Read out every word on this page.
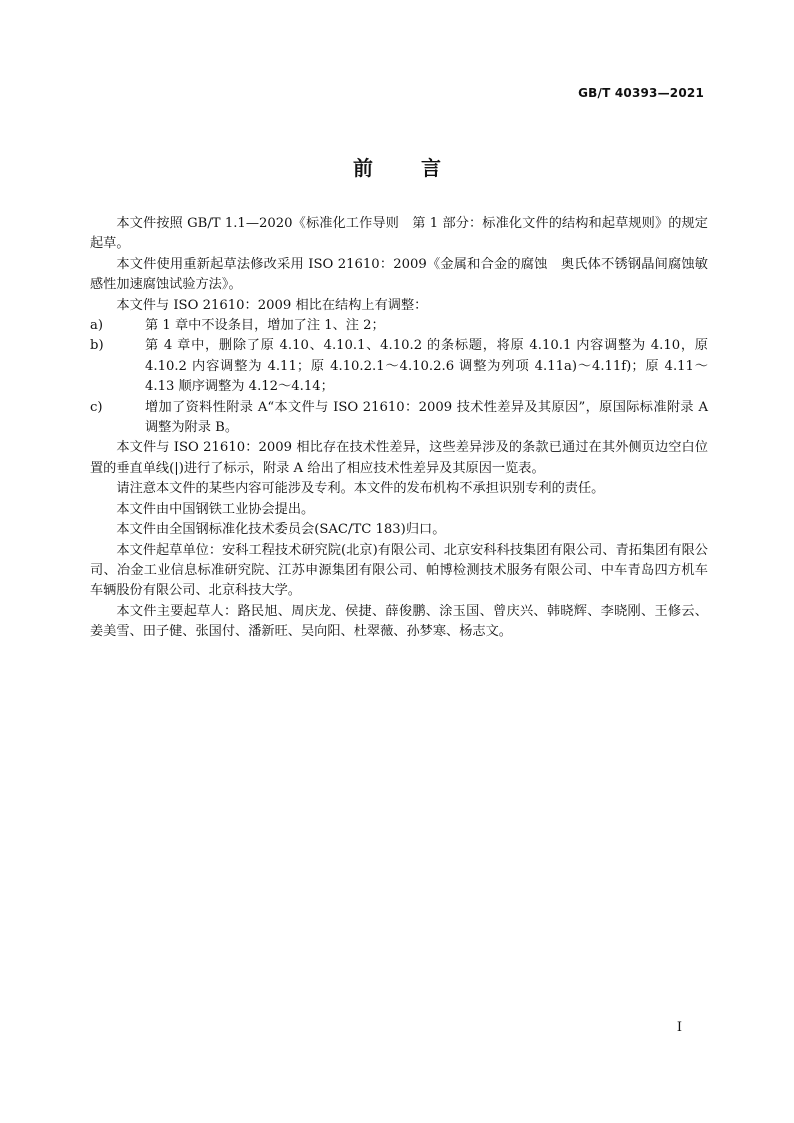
GB/T 40393—2021
前 言

本文件按照 GB/T 1.1—2020《标准化工作导则　第 1 部分：标准化文件的结构和起草规则》的规定起草。

本文件使用重新起草法修改采用 ISO 21610：2009《金属和合金的腐蚀　奥氏体不锈钢晶间腐蚀敏感性加速腐蚀试验方法》。

本文件与 ISO 21610：2009 相比在结构上有调整：

a)	第 1 章中不设条目，增加了注 1、注 2；
b)	第 4 章中，删除了原 4.10、4.10.1、4.10.2 的条标题，将原 4.10.1 内容调整为 4.10，原 4.10.2 内容调整为 4.11；原 4.10.2.1～4.10.2.6 调整为列项 4.11a)～4.11f)；原 4.11～4.13 顺序调整为 4.12～4.14；
c)	增加了资料性附录 A“本文件与 ISO 21610：2009 技术性差异及其原因”，原国际标准附录 A 调整为附录 B。

本文件与 ISO 21610：2009 相比存在技术性差异，这些差异涉及的条款已通过在其外侧页边空白位置的垂直单线(|)进行了标示，附录 A 给出了相应技术性差异及其原因一览表。

请注意本文件的某些内容可能涉及专利。本文件的发布机构不承担识别专利的责任。

本文件由中国钢铁工业协会提出。

本文件由全国钢标准化技术委员会(SAC/TC 183)归口。

本文件起草单位：安科工程技术研究院(北京)有限公司、北京安科科技集团有限公司、青拓集团有限公司、冶金工业信息标准研究院、江苏申源集团有限公司、帕博检测技术服务有限公司、中车青岛四方机车车辆股份有限公司、北京科技大学。

本文件主要起草人：路民旭、周庆龙、侯捷、薛俊鹏、涂玉国、曾庆兴、韩晓辉、李晓刚、王修云、姜美雪、田子健、张国付、潘新旺、吴向阳、杜翠薇、孙梦寒、杨志文。

I
